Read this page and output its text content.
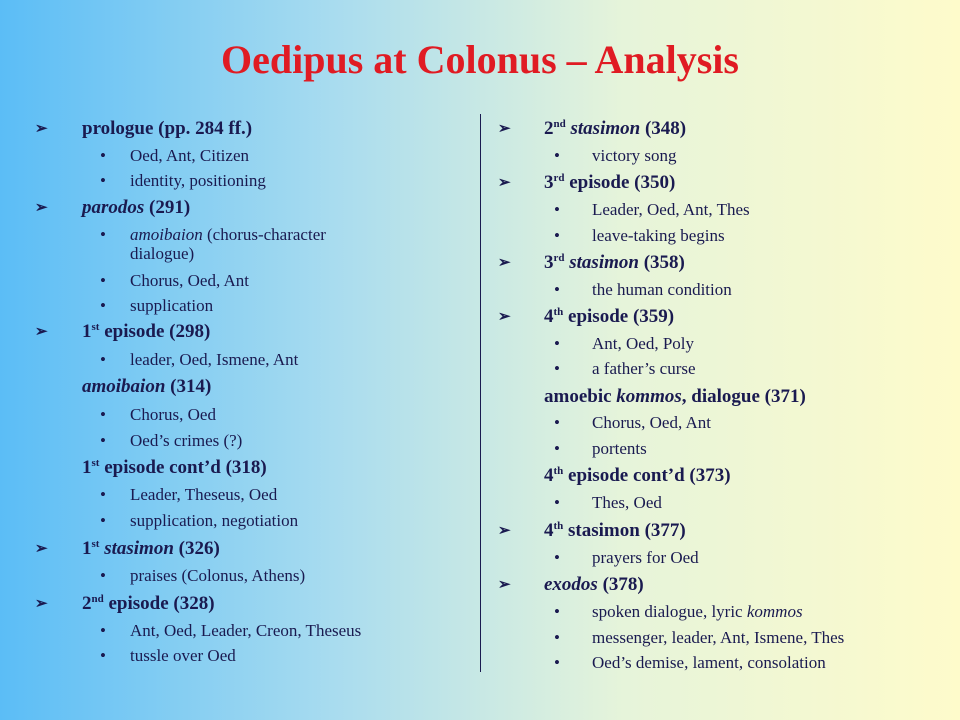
Oedipus at Colonus – Analysis
➢ prologue (pp. 284 ff.)
• Oed, Ant, Citizen
• identity, positioning
➢ parodos (291)
• amoibaion (chorus-character
dialogue)
• Chorus, Oed, Ant
• supplication
➢ 1st episode (298)
• leader, Oed, Ismene, Ant
amoibaion (314)
• Chorus, Oed
• Oed’s crimes (?)
1st episode cont’d (318)
• Leader, Theseus, Oed
• supplication, negotiation
➢ 1st stasimon (326)
• praises (Colonus, Athens)
➢ 2nd episode (328)
• Ant, Oed, Leader, Creon, Theseus
• tussle over Oed
➢ 2nd stasimon (348)
• victory song
➢ 3rd episode (350)
• Leader, Oed, Ant, Thes
• leave-taking begins
➢ 3rd stasimon (358)
• the human condition
➢ 4th episode (359)
• Ant, Oed, Poly
• a father’s curse
amoebic kommos, dialogue (371)
• Chorus, Oed, Ant
• portents
4th episode cont’d (373)
• Thes, Oed
➢ 4th stasimon (377)
• prayers for Oed
➢ exodos (378)
• spoken dialogue, lyric kommos
• messenger, leader, Ant, Ismene, Thes
• Oed’s demise, lament, consolation
